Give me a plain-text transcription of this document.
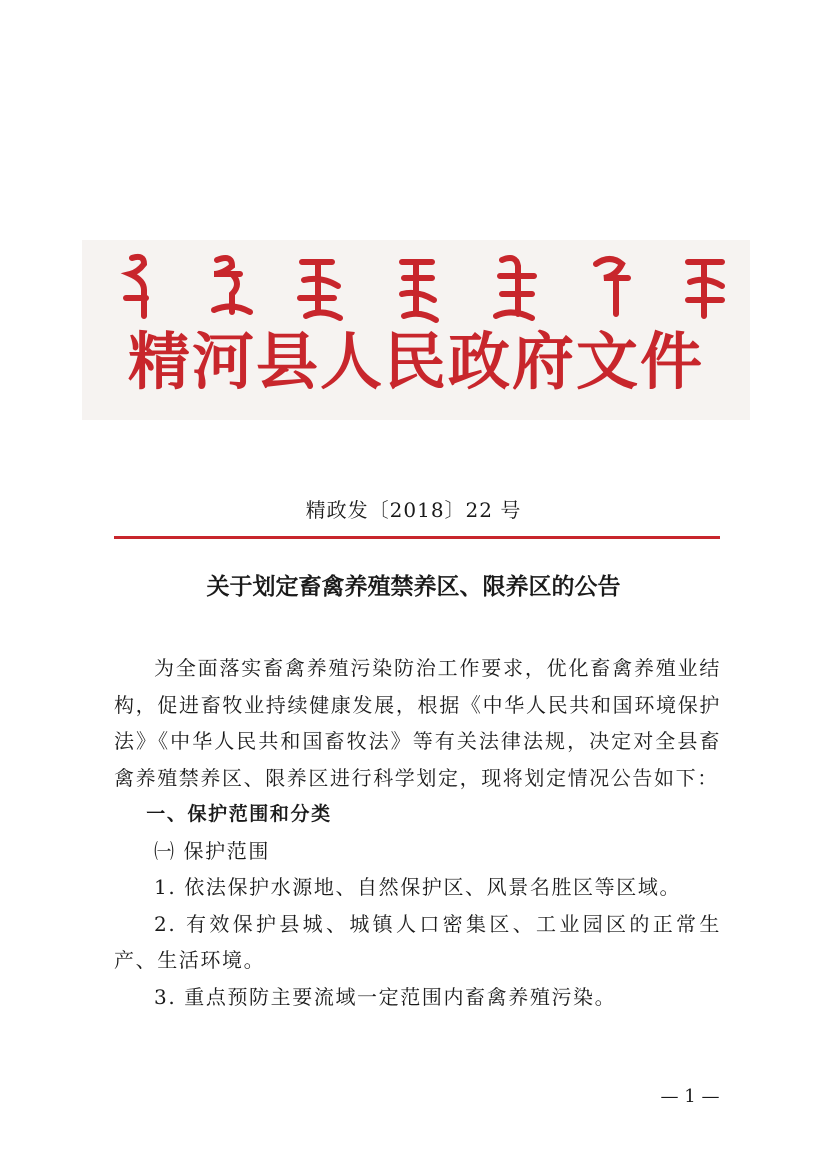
精河县人民政府文件
精政发〔2018〕22 号
关于划定畜禽养殖禁养区、限养区的公告

为全面落实畜禽养殖污染防治工作要求，优化畜禽养殖业结构，促进畜牧业持续健康发展，根据《中华人民共和国环境保护法》《中华人民共和国畜牧法》等有关法律法规，决定对全县畜禽养殖禁养区、限养区进行科学划定，现将划定情况公告如下：

一、保护范围和分类

㈠ 保护范围

1. 依法保护水源地、自然保护区、风景名胜区等区域。

2. 有效保护县城、城镇人口密集区、工业园区的正常生产、生活环境。

3. 重点预防主要流域一定范围内畜禽养殖污染。

— 1 —
